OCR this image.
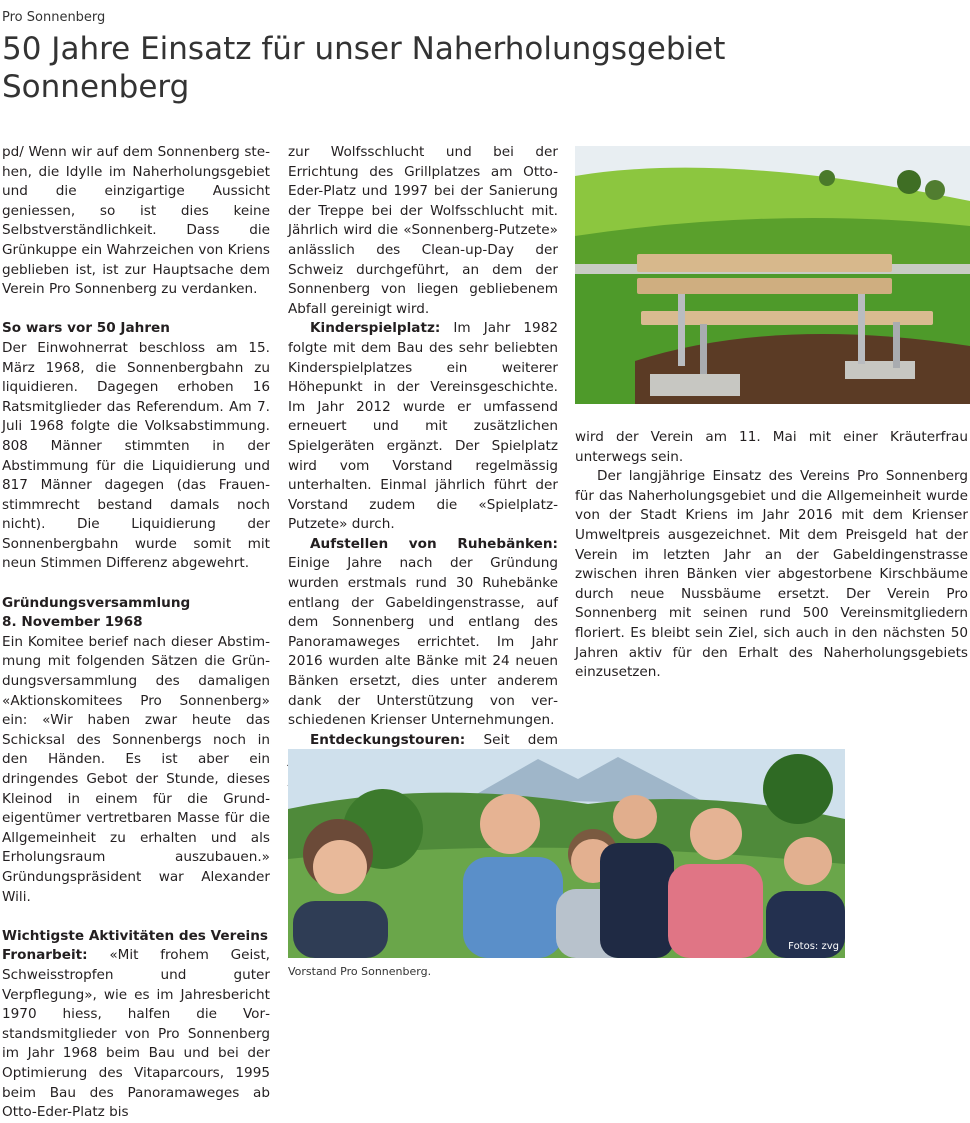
Pro Sonnenberg
50 Jahre Einsatz für unser Naherholungsgebiet Sonnenberg

pd/ Wenn wir auf dem Sonnenberg stehen, die Idylle im Naherholungsgebiet und die einzigartige Aussicht geniessen, so ist dies keine Selbstverständlichkeit. Dass die Grünkuppe ein Wahrzeichen von Kriens geblieben ist, ist zur Hauptsache dem Verein Pro Sonnenberg zu verdanken.

So wars vor 50 Jahren

Der Einwohnerrat beschloss am 15. März 1968, die Sonnenbergbahn zu liquidieren. Dagegen erhoben 16 Ratsmitglieder das Referendum. Am 7. Juli 1968 folgte die Volksabstimmung. 808 Männer stimmten in der Abstimmung für die Liquidierung und 817 Männer dagegen (das Frauenstimmrecht bestand damals noch nicht). Die Liquidierung der Sonnenbergbahn wurde somit mit neun Stimmen Differenz abgewehrt.

Gründungsversammlung
8. November 1968

Ein Komitee berief nach dieser Abstimmung mit folgenden Sätzen die Gründungsversammlung des damaligen «Aktionskomitees Pro Sonnenberg» ein: «Wir haben zwar heute das Schicksal des Sonnenbergs noch in den Händen. Es ist aber ein dringendes Gebot der Stunde, dieses Kleinod in einem für die Grundeigentümer vertretbaren Masse für die Allgemeinheit zu erhalten und als Erholungsraum auszubauen.» Gründungspräsident war Alexander Wili.

Wichtigste Aktivitäten des Vereins

Fronarbeit: «Mit frohem Geist, Schweisstropfen und guter Verpflegung», wie es im Jahresbericht 1970 hiess, halfen die Vorstandsmitglieder von Pro Sonnenberg im Jahr 1968 beim Bau und bei der Optimierung des Vitaparcours, 1995 beim Bau des Panoramaweges ab Otto-Eder-Platz bis

zur Wolfsschlucht und bei der Errichtung des Grillplatzes am Otto-Eder-Platz und 1997 bei der Sanierung der Treppe bei der Wolfsschlucht mit. Jährlich wird die «Sonnenberg-Putzete» anlässlich des Clean-up-Day der Schweiz durchgeführt, an dem der Sonnenberg von liegen gebliebenem Abfall gereinigt wird.

Kinderspielplatz: Im Jahr 1982 folgte mit dem Bau des sehr beliebten Kinderspielplatzes ein weiterer Höhepunkt in der Vereinsgeschichte. Im Jahr 2012 wurde er umfassend erneuert und mit zusätzlichen Spielgeräten ergänzt. Der Spielplatz wird vom Vorstand regelmässig unterhalten. Einmal jährlich führt der Vorstand zudem die «Spielplatz-Putzete» durch.

Aufstellen von Ruhebänken: Einige Jahre nach der Gründung wurden erstmals rund 30 Ruhebänke entlang der Gabeldingenstrasse, auf dem Sonnenberg und entlang des Panoramaweges errichtet. Im Jahr 2016 wurden alte Bänke mit 24 neuen Bänken ersetzt, dies unter anderem dank der Unterstützung von verschiedenen Krienser Unternehmungen.

Entdeckungstouren: Seit dem

wird der Verein am 11. Mai mit einer Kräuterfrau unterwegs sein.

Der langjährige Einsatz des Vereins Pro Sonnenberg für das Naherholungsgebiet und die Allgemeinheit wurde von der Stadt Kriens im Jahr 2016 mit dem Krienser Umweltpreis ausgezeichnet. Mit dem Preisgeld hat der Verein im letzten Jahr an der Gabeldingenstrasse zwischen ihren Bänken vier abgestorbene Kirschbäume durch neue Nussbäume ersetzt. Der Verein Pro Sonnenberg mit seinen rund 500 Vereinsmitgliedern floriert. Es bleibt sein Ziel, sich auch in den nächsten 50 Jahren aktiv für den Erhalt des Naherholungsgebiets einzusetzen.

Fotos: zvg
Vorstand Pro Sonnenberg.
